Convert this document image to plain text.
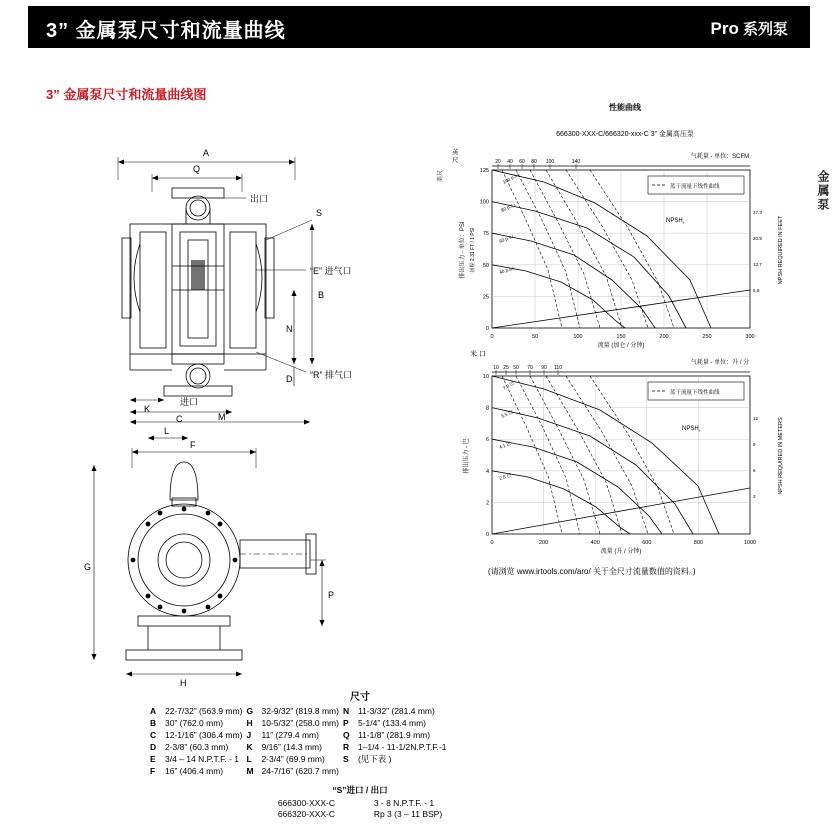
3” 金属泵尺寸和流量曲线	Pro 系列泵
金属泵
3” 金属泵尺寸和流量曲线图
A
Q
B
N
D
K
C	M
L
F
G
H
P
S
出口
“E” 进气口
“R” 排气口
进口
性能曲线
666300-XXX-C/666320-xxx-C 3” 金属高压泵
英尺
美尺
气耗量 - 单位：SCFM
20 40 60 80 100	140
蓝干流量下线性曲线
100 p.s.i.
80 p.s.i.
60 p.s.i.
40 p.s.i.
$NPSH_r$
125
100
75
50
25
0
排出压力 - 单位：PSI 扬程 2.31 FT / 1 PSI
0	50	100	150	200	250	300
流量 (加仑 / 分钟)
27.3
20.5
13.7
6.8
NPSH REQUIRED IN FEET
米 口
气耗量 - 单位：升 / 分
10 25 50 70 90 110
蓝干流量下线性曲线
7.0 巴
5.5 巴
4.1 巴
2.8 巴
$NPSH_r$
10
8
6
4
2
0
排出压力 - 巴
0	200	400	600	800	1000
流量 (升 / 分钟)
12
9
6
3
NPSH REQUIRED IN METERS
(请浏览 www.irtools.com/aro/ 关于全尺寸流量数值的资料。)
尺寸
A	22-7/32” (563.9 mm)	G	32-9/32” (819.8 mm)	N	11-3/32” (281.4 mm)
B	30” (762.0 mm)	H	10-5/32” (258.0 mm)	P	5-1/4” (133.4 mm)
C	12-1/16” (306.4 mm)	J	11” (279.4 mm)	Q	11-1/8” (281.9 mm)
D	2-3/8” (60.3 mm)	K	9/16” (14.3 mm)	R	1–1/4 - 11-1/2N.P.T.F.-1
E	3/4 – 14 N.P.T.F. - 1	L	2-3/4” (69.9 mm)	S	(见下表 )
F	16” (406.4 mm)	M	24-7/16” (620.7 mm)		
“S”进口 / 出口
666300-XXX-C	3 - 8 N.P.T.F. - 1
666320-XXX-C	Rp 3 (3 – 11 BSP)
